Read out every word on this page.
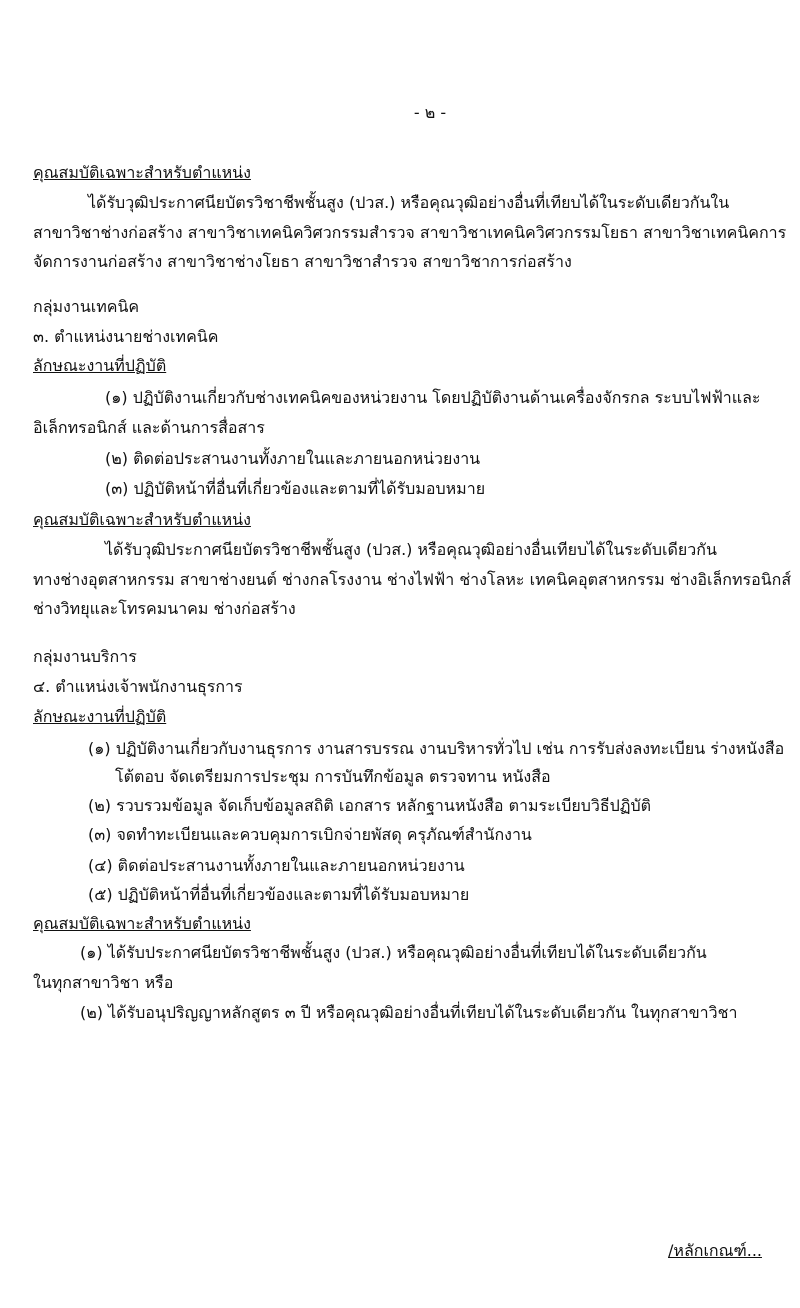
- ๒ -
คุณสมบัติเฉพาะสำหรับตำแหน่ง
ได้รับวุฒิประกาศนียบัตรวิชาชีพชั้นสูง (ปวส.) หรือคุณวุฒิอย่างอื่นที่เทียบได้ในระดับเดียวกันใน
สาขาวิชาช่างก่อสร้าง สาขาวิชาเทคนิควิศวกรรมสำรวจ สาขาวิชาเทคนิควิศวกรรมโยธา สาขาวิชาเทคนิคการ
จัดการงานก่อสร้าง สาขาวิชาช่างโยธา สาขาวิชาสำรวจ สาขาวิชาการก่อสร้าง
กลุ่มงานเทคนิค
๓. ตำแหน่งนายช่างเทคนิค
ลักษณะงานที่ปฏิบัติ
(๑) ปฏิบัติงานเกี่ยวกับช่างเทคนิคของหน่วยงาน โดยปฏิบัติงานด้านเครื่องจักรกล ระบบไฟฟ้าและ
อิเล็กทรอนิกส์ และด้านการสื่อสาร
(๒) ติดต่อประสานงานทั้งภายในและภายนอกหน่วยงาน
(๓) ปฏิบัติหน้าที่อื่นที่เกี่ยวข้องและตามที่ได้รับมอบหมาย
คุณสมบัติเฉพาะสำหรับตำแหน่ง
ได้รับวุฒิประกาศนียบัตรวิชาชีพชั้นสูง (ปวส.) หรือคุณวุฒิอย่างอื่นเทียบได้ในระดับเดียวกัน
ทางช่างอุตสาหกรรม สาขาช่างยนต์ ช่างกลโรงงาน ช่างไฟฟ้า ช่างโลหะ เทคนิคอุตสาหกรรม ช่างอิเล็กทรอนิกส์
ช่างวิทยุและโทรคมนาคม ช่างก่อสร้าง
กลุ่มงานบริการ
๔. ตำแหน่งเจ้าพนักงานธุรการ
ลักษณะงานที่ปฏิบัติ
(๑) ปฏิบัติงานเกี่ยวกับงานธุรการ งานสารบรรณ งานบริหารทั่วไป เช่น การรับส่งลงทะเบียน ร่างหนังสือ
โต้ตอบ จัดเตรียมการประชุม การบันทึกข้อมูล ตรวจทาน หนังสือ
(๒) รวบรวมข้อมูล จัดเก็บข้อมูลสถิติ เอกสาร หลักฐานหนังสือ ตามระเบียบวิธีปฏิบัติ
(๓) จดทำทะเบียนและควบคุมการเบิกจ่ายพัสดุ ครุภัณฑ์สำนักงาน
(๔) ติดต่อประสานงานทั้งภายในและภายนอกหน่วยงาน
(๕) ปฏิบัติหน้าที่อื่นที่เกี่ยวข้องและตามที่ได้รับมอบหมาย
คุณสมบัติเฉพาะสำหรับตำแหน่ง
(๑) ได้รับประกาศนียบัตรวิชาชีพชั้นสูง (ปวส.) หรือคุณวุฒิอย่างอื่นที่เทียบได้ในระดับเดียวกัน
ในทุกสาขาวิชา หรือ
(๒) ได้รับอนุปริญญาหลักสูตร ๓ ปี หรือคุณวุฒิอย่างอื่นที่เทียบได้ในระดับเดียวกัน ในทุกสาขาวิชา
/หลักเกณฑ์...
